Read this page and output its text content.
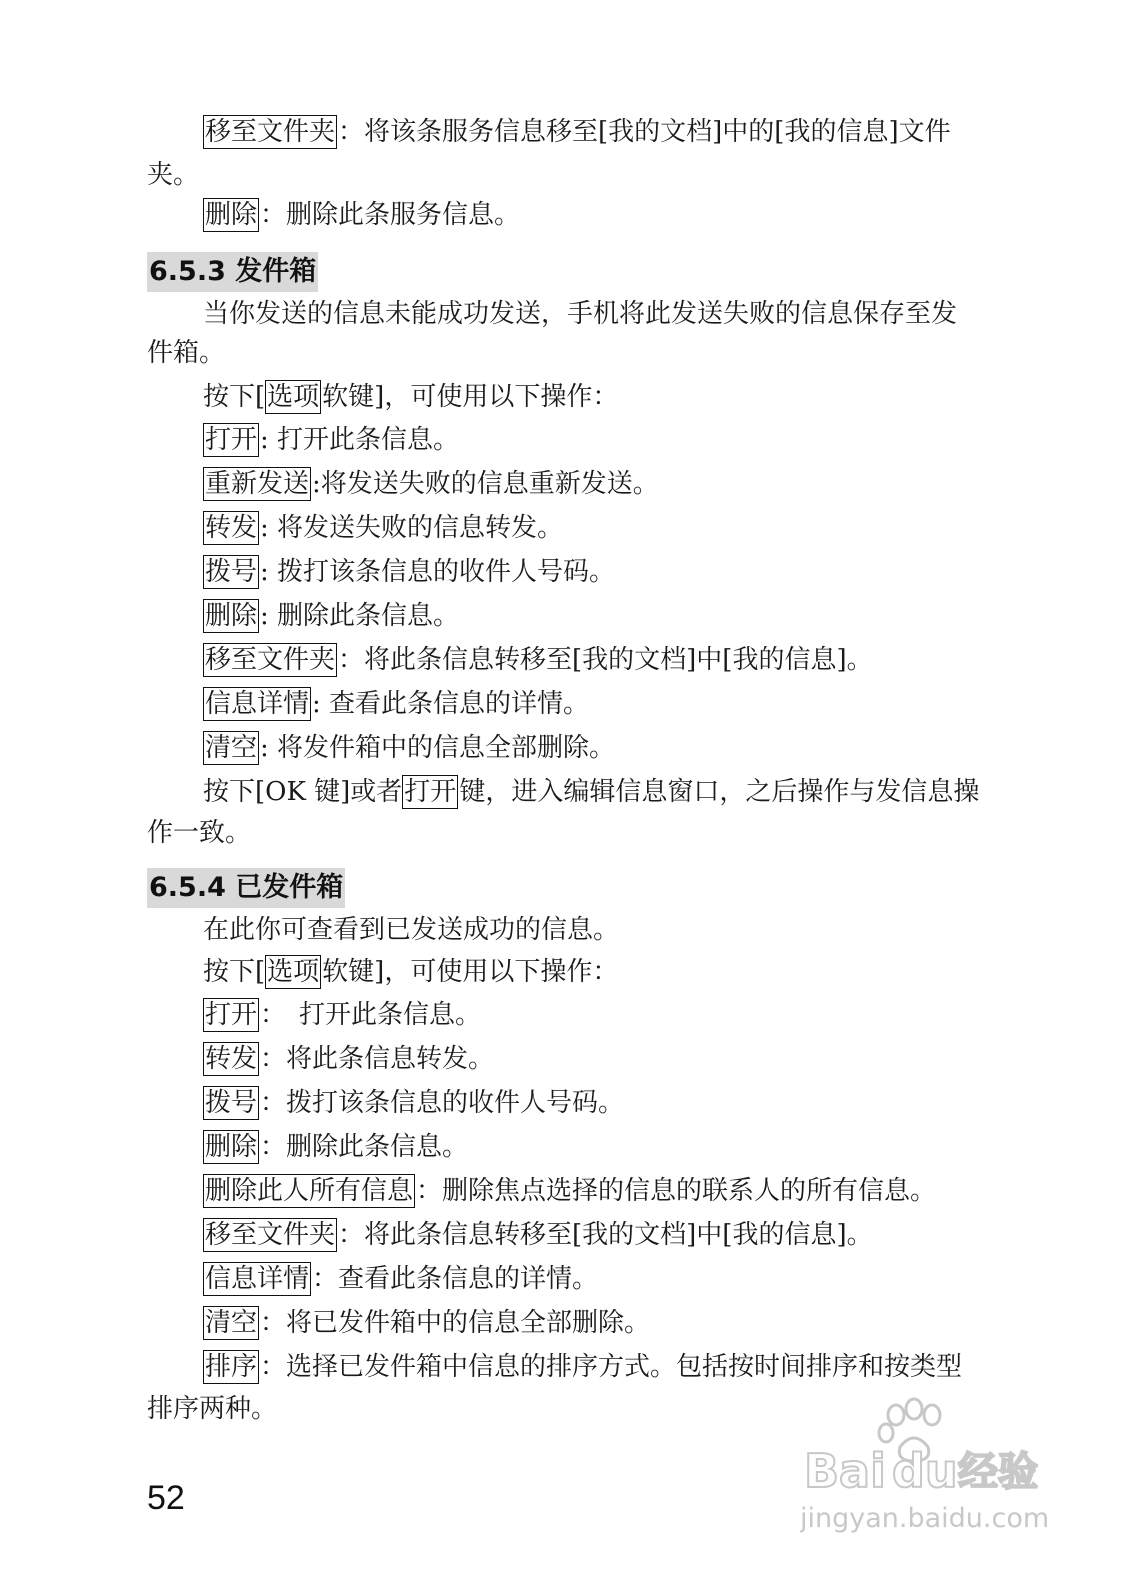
移至文件夹 ：将该条服务信息移至[我的文档]中的[我的信息]文件
夹。
删除 ：删除此条服务信息。
6.5.3 发件箱
当你发送的信息未能成功发送，手机将此发送失败的信息保存至发
件箱。
按下[选项 软键]，可使用以下操作：
打开 : 打开此条信息。
重新发送 :将发送失败的信息重新发送。
转发 : 将发送失败的信息转发。
拨号 : 拨打该条信息的收件人号码。
删除 : 删除此条信息。
移至文件夹 ：将此条信息转移至[我的文档]中[我的信息]。
信息详情 : 查看此条信息的详情。
清空 : 将发件箱中的信息全部删除。
按下[OK 键]或者打开 键，进入编辑信息窗口，之后操作与发信息操
作一致。
6.5.4 已发件箱
在此你可查看到已发送成功的信息。
按下[选项 软键]，可使用以下操作：
打开 ：　打开此条信息。
转发 ：将此条信息转发。
拨号 ：拨打该条信息的收件人号码。
删除 ：删除此条信息。
删除此人所有信息 ：删除焦点选择的信息的联系人的所有信息。
移至文件夹 ：将此条信息转移至[我的文档]中[我的信息]。
信息详情 ：查看此条信息的详情。
清空 ：将已发件箱中的信息全部删除。
排序 ：选择已发件箱中信息的排序方式。包括按时间排序和按类型
排序两种。
52	Bai du 经验
jingyan.baidu.com
